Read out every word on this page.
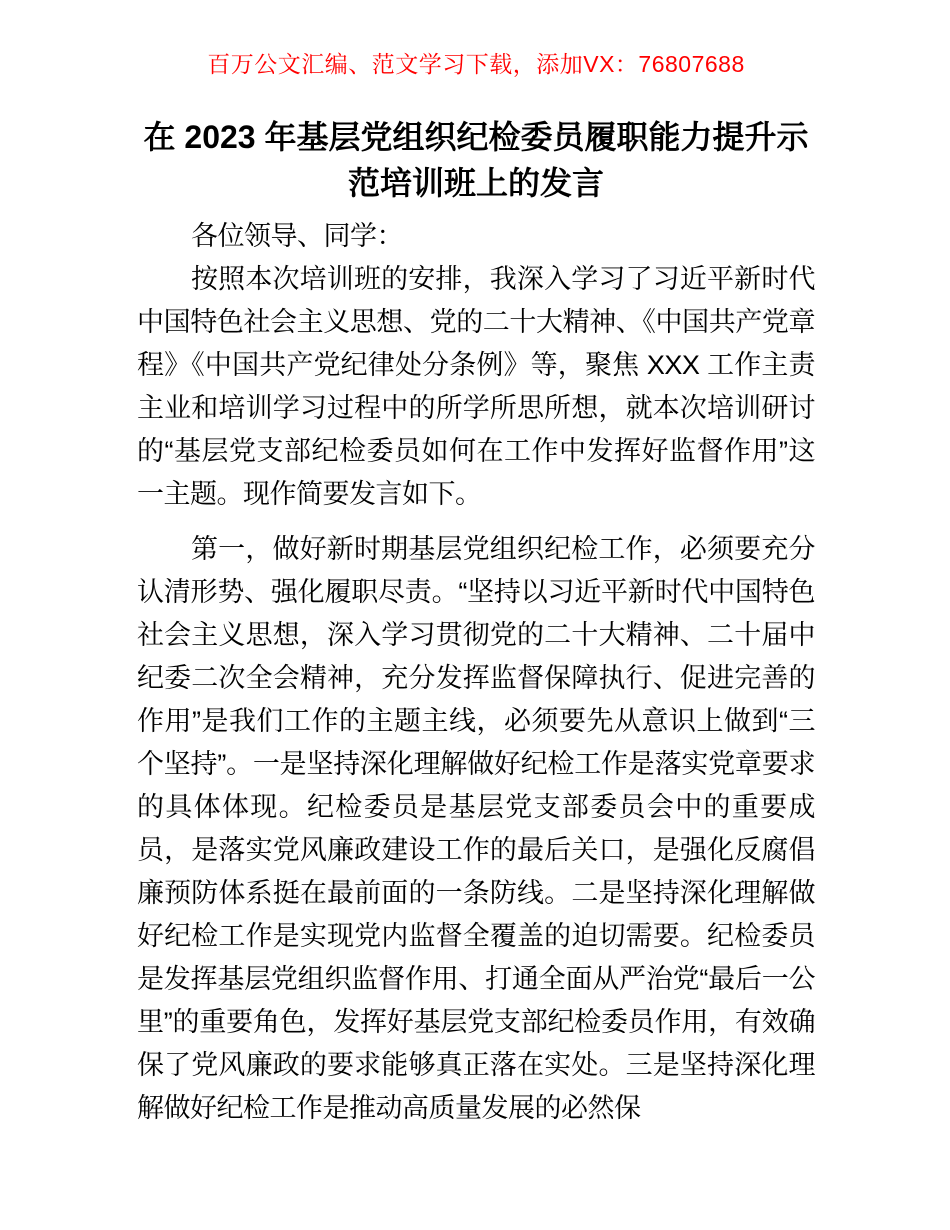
百万公文汇编、范文学习下载，添加VX：76807688
在 2023 年基层党组织纪检委员履职能力提升示
范培训班上的发言

各位领导、同学：

按照本次培训班的安排，我深入学习了习近平新时代中国特色社会主义思想、党的二十大精神、《中国共产党章程》《中国共产党纪律处分条例》等，聚焦 XXX 工作主责主业和培训学习过程中的所学所思所想，就本次培训研讨的“基层党支部纪检委员如何在工作中发挥好监督作用”这一主题。现作简要发言如下。

第一，做好新时期基层党组织纪检工作，必须要充分认清形势、强化履职尽责。“坚持以习近平新时代中国特色社会主义思想，深入学习贯彻党的二十大精神、二十届中纪委二次全会精神，充分发挥监督保障执行、促进完善的作用”是我们工作的主题主线，必须要先从意识上做到“三个坚持”。一是坚持深化理解做好纪检工作是落实党章要求的具体体现。纪检委员是基层党支部委员会中的重要成员，是落实党风廉政建设工作的最后关口，是强化反腐倡廉预防体系挺在最前面的一条防线。二是坚持深化理解做好纪检工作是实现党内监督全覆盖的迫切需要。纪检委员是发挥基层党组织监督作用、打通全面从严治党“最后一公里”的重要角色，发挥好基层党支部纪检委员作用，有效确保了党风廉政的要求能够真正落在实处。三是坚持深化理解做好纪检工作是推动高质量发展的必然保
